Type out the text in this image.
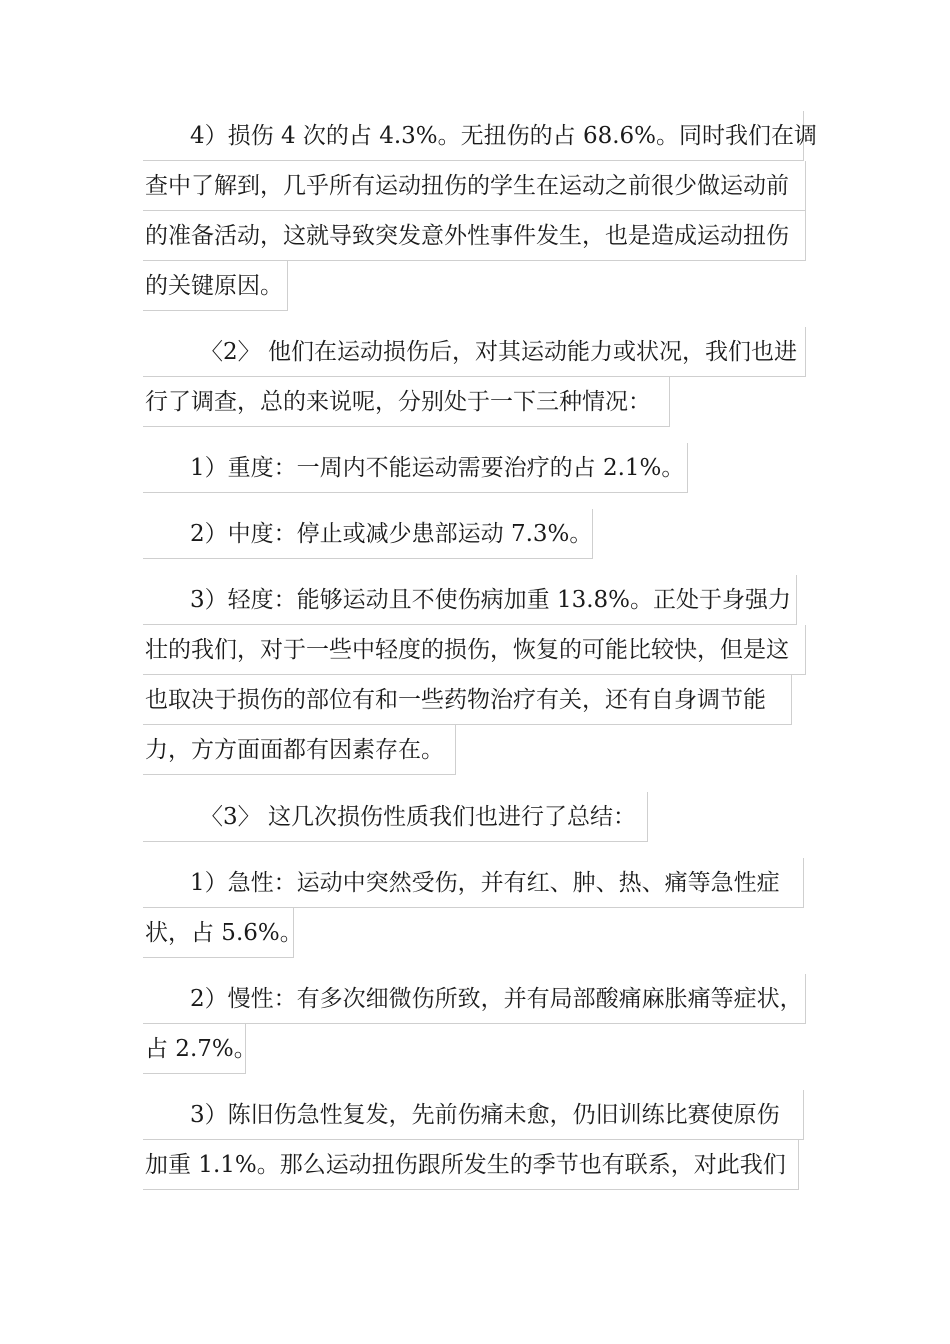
4）损伤 4 次的占 4.3%。无扭伤的占 68.6%。同时我们在调
查中了解到，几乎所有运动扭伤的学生在运动之前很少做运动前
的准备活动，这就导致突发意外性事件发生，也是造成运动扭伤
的关键原因。
〈2〉 他们在运动损伤后，对其运动能力或状况，我们也进
行了调查，总的来说呢，分别处于一下三种情况：
1）重度：一周内不能运动需要治疗的占 2.1%。
2）中度：停止或减少患部运动 7.3%。
3）轻度：能够运动且不使伤病加重 13.8%。正处于身强力
壮的我们，对于一些中轻度的损伤，恢复的可能比较快，但是这
也取决于损伤的部位有和一些药物治疗有关，还有自身调节能
力，方方面面都有因素存在。
〈3〉 这几次损伤性质我们也进行了总结：
1）急性：运动中突然受伤，并有红、肿、热、痛等急性症
状，占 5.6%。
2）慢性：有多次细微伤所致，并有局部酸痛麻胀痛等症状，
占 2.7%。
3）陈旧伤急性复发，先前伤痛未愈，仍旧训练比赛使原伤
加重 1.1%。那么运动扭伤跟所发生的季节也有联系，对此我们
